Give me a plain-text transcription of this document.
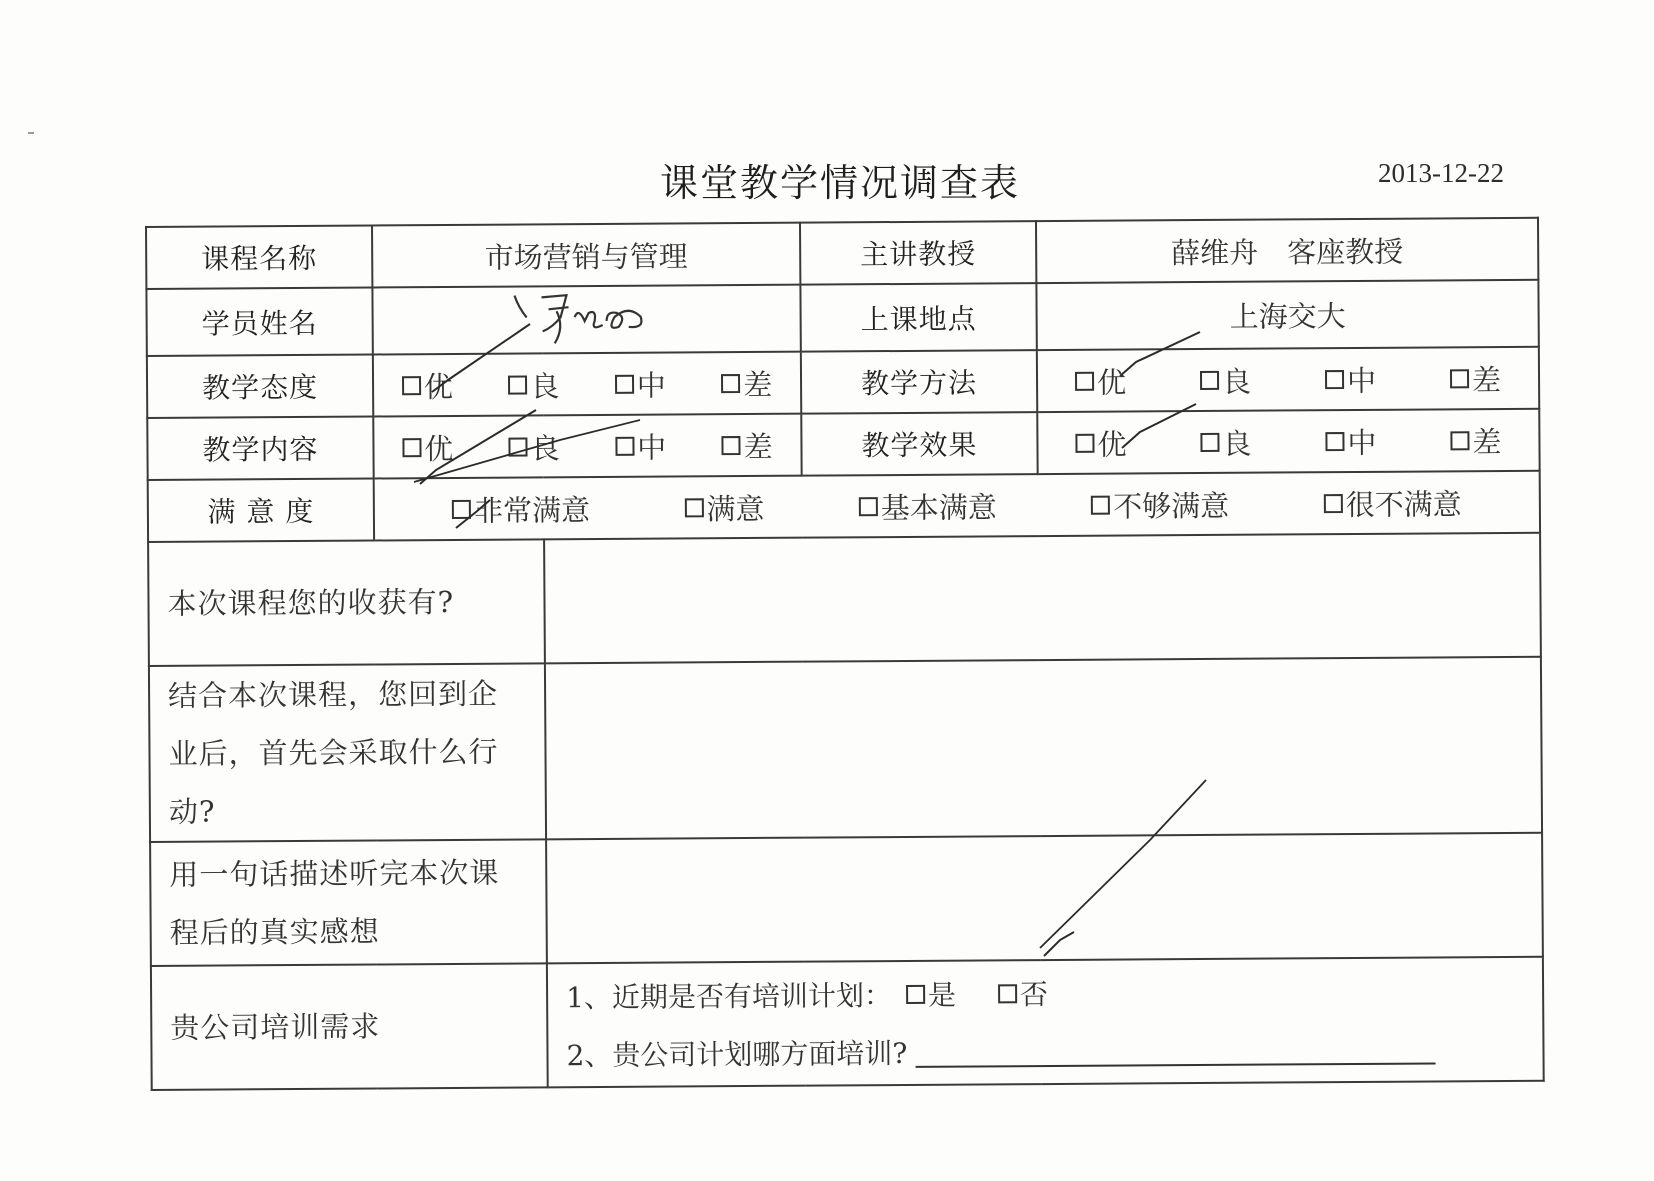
课堂教学情况调查表	2013-12-22
课程名称	市场营销与管理		主讲教授	薛维舟　客座教授
学员姓名			上课地点	上海交大
教学态度	优 良 中 差		教学方法	优 良 中 差

教学内容	优 良 中 差		教学效果	优 良 中 差

满 意 度	非常满意 满意 基本满意 不够满意 很不满意			

本次课程您的收获有?				
结合本次课程，您回到企业后，首先会采取什么行动?				
用一句话描述听完本次课程后的真实感想				
贵公司培训需求		1、近期是否有培训计划： 是 否
2、贵公司计划哪方面培训?		
